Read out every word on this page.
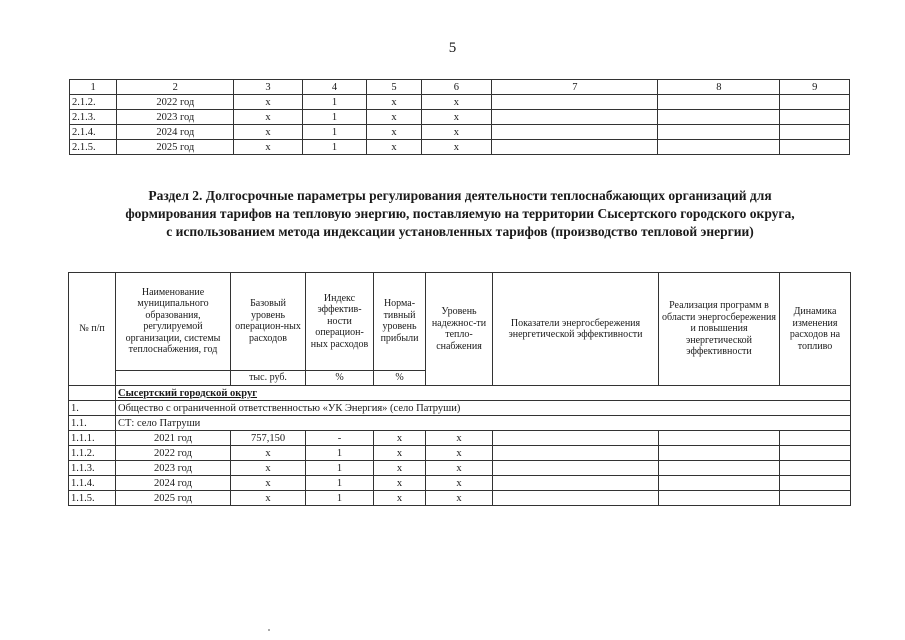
5
1	2	3	4	5	6	7	8	9
2.1.2.	2022 год	х	1	х	х			
2.1.3.	2023 год	х	1	х	х			
2.1.4.	2024 год	х	1	х	х			
2.1.5.	2025 год	х	1	х	х			
Раздел 2. Долгосрочные параметры регулирования деятельности теплоснабжающих организаций для
формирования тарифов на тепловую энергию, поставляемую на территории Сысертского городского округа,
с использованием метода индексации установленных тарифов (производство тепловой энергии)
№ п/п	Наименование муниципального образования, регулируемой организации, системы теплоснабжения, год	Базовый уровень операцион-ных расходов	Индекс эффектив-ности операцион-ных расходов	Норма-тивный уровень прибыли	Уровень надежнос-ти тепло-снабжения	Показатели энергосбережения энергетической эффективности	Реализация программ в области энергосбережения и повышения энергетической эффективности	Динамика изменения расходов на топливо
		тыс. руб.	%	%				
	Сысертский городской округ							
1.	Общество с ограниченной ответственностью «УК Энергия» (село Патруши)							
1.1.	СТ: село Патруши							
1.1.1.	2021 год	757,150	-	х	х			
1.1.2.	2022 год	х	1	х	х			
1.1.3.	2023 год	х	1	х	х			
1.1.4.	2024 год	х	1	х	х			
1.1.5.	2025 год	х	1	х	х			
